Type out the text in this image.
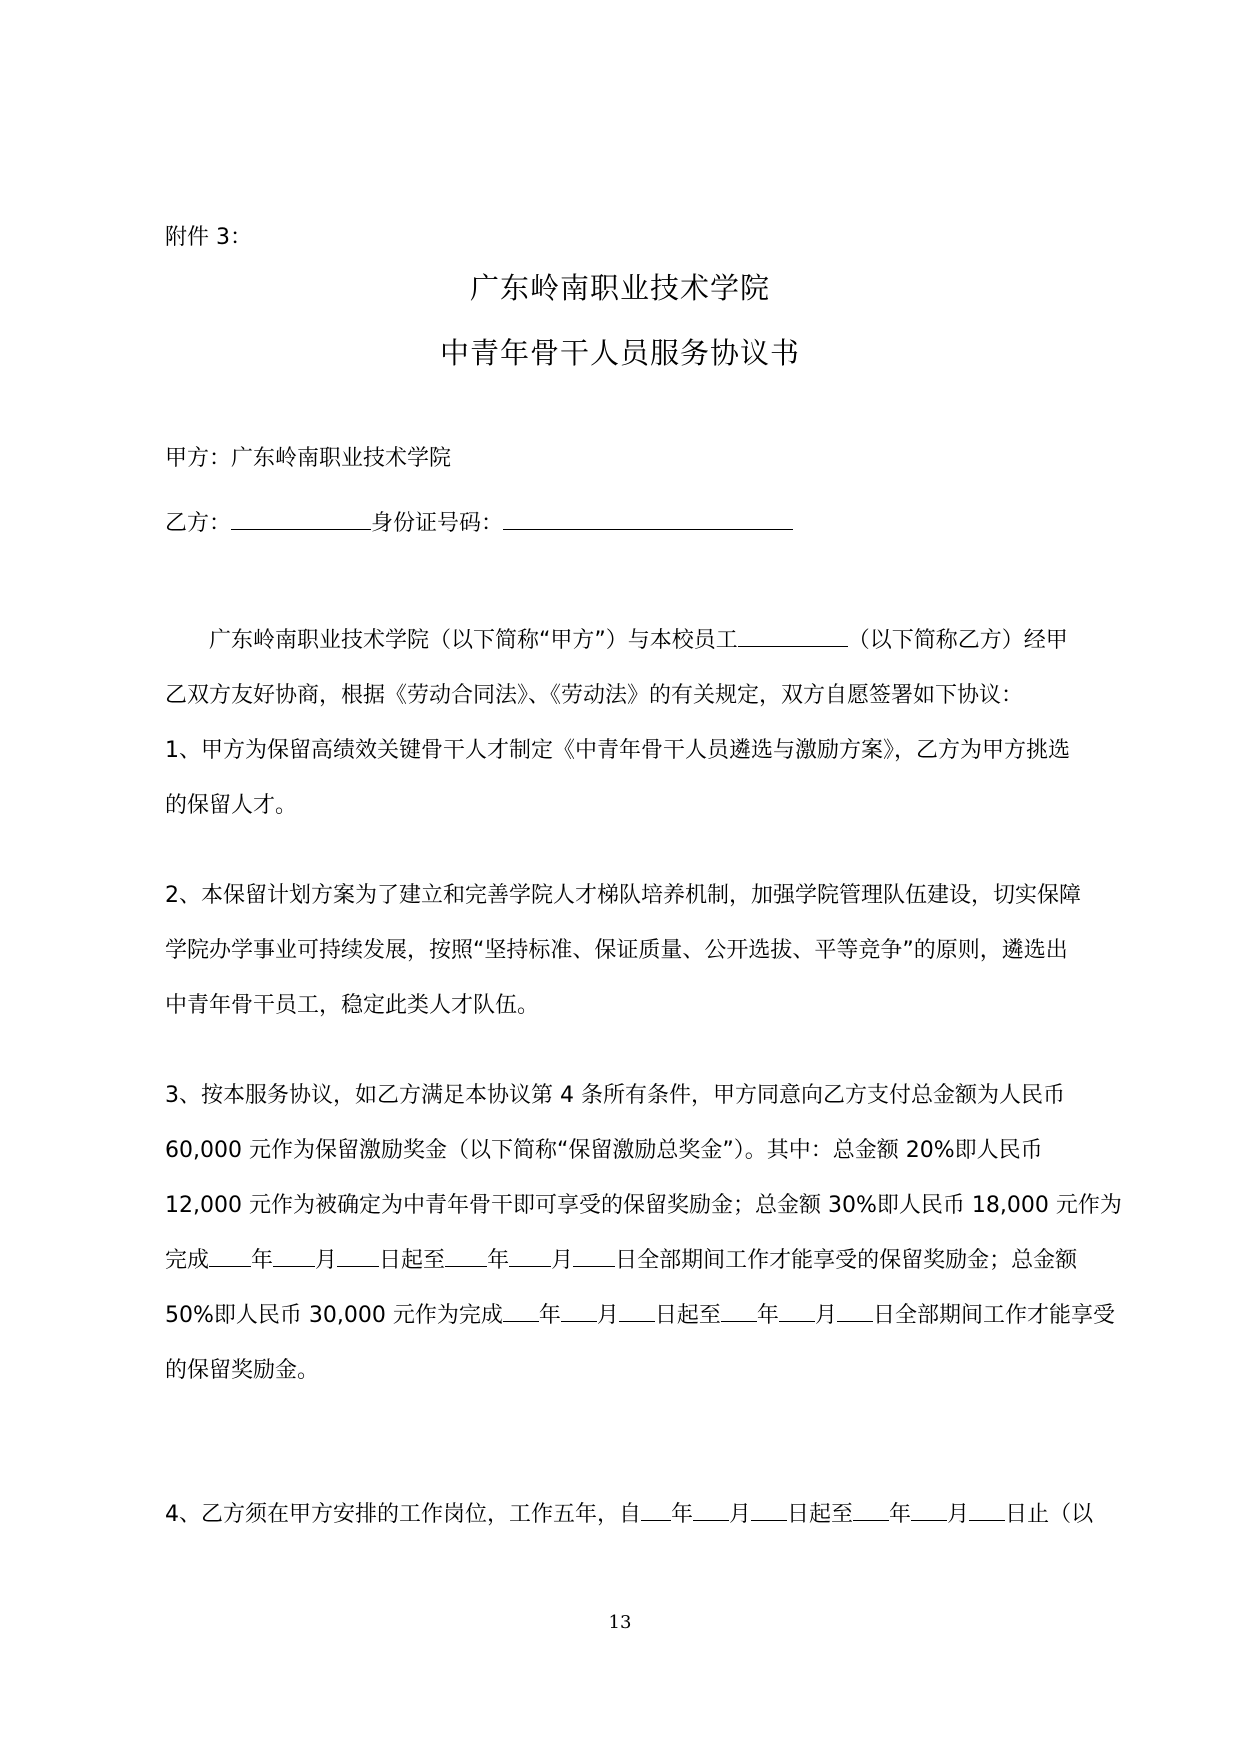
附件 3：
广东岭南职业技术学院
中青年骨干人员服务协议书
甲方：广东岭南职业技术学院
乙方：	身份证号码：
广东岭南职业技术学院（以下简称“甲方”）与本校员工	（以下简称乙方）经甲
乙双方友好协商，根据《劳动合同法》、《劳动法》的有关规定，双方自愿签署如下协议：
1、甲方为保留高绩效关键骨干人才制定《中青年骨干人员遴选与激励方案》，乙方为甲方挑选
的保留人才。
2、本保留计划方案为了建立和完善学院人才梯队培养机制，加强学院管理队伍建设，切实保障
学院办学事业可持续发展，按照“坚持标准、保证质量、公开选拔、平等竞争”的原则，遴选出
中青年骨干员工，稳定此类人才队伍。
3、按本服务协议，如乙方满足本协议第 4 条所有条件，甲方同意向乙方支付总金额为人民币
60,000 元作为保留激励奖金（以下简称“保留激励总奖金”）。其中：总金额 20%即人民币
12,000 元作为被确定为中青年骨干即可享受的保留奖励金；总金额 30%即人民币 18,000 元作为
完成 年 月 日起至 年 月 日全部期间工作才能享受的保留奖励金；总金额
50%即人民币 30,000 元作为完成 年 月 日起至 年 月 日全部期间工作才能享受
的保留奖励金。
4、乙方须在甲方安排的工作岗位，工作五年，自 年 月 日起至 年 月 日止（以
13
